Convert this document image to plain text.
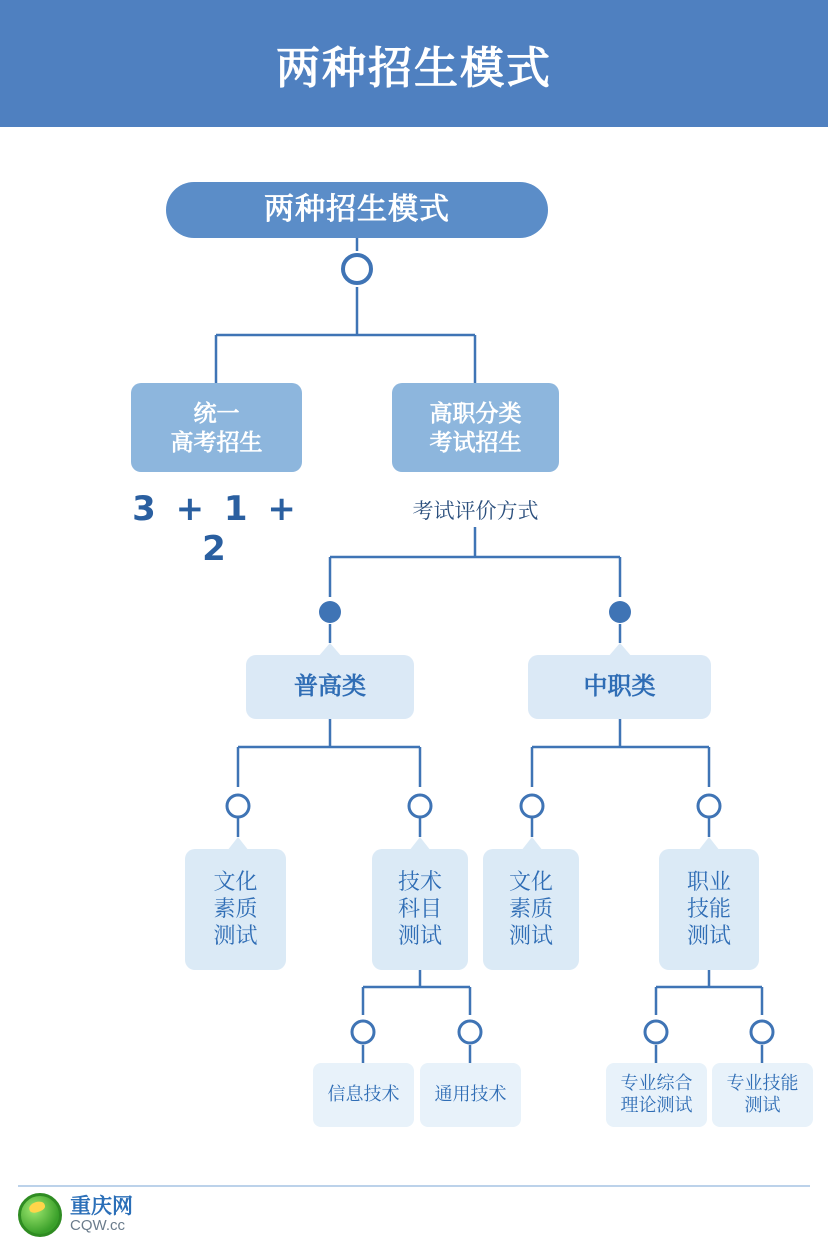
两种招生模式
两种招生模式
统一
高考招生
高职分类
考试招生
3 + 1 + 2
考试评价方式
普高类	中职类
文化
素质
测试
技术
科目
测试
文化
素质
测试
职业
技能
测试
信息技术 通用技术
专业综合
理论测试
专业技能
测试
重庆网
CQW.cc
